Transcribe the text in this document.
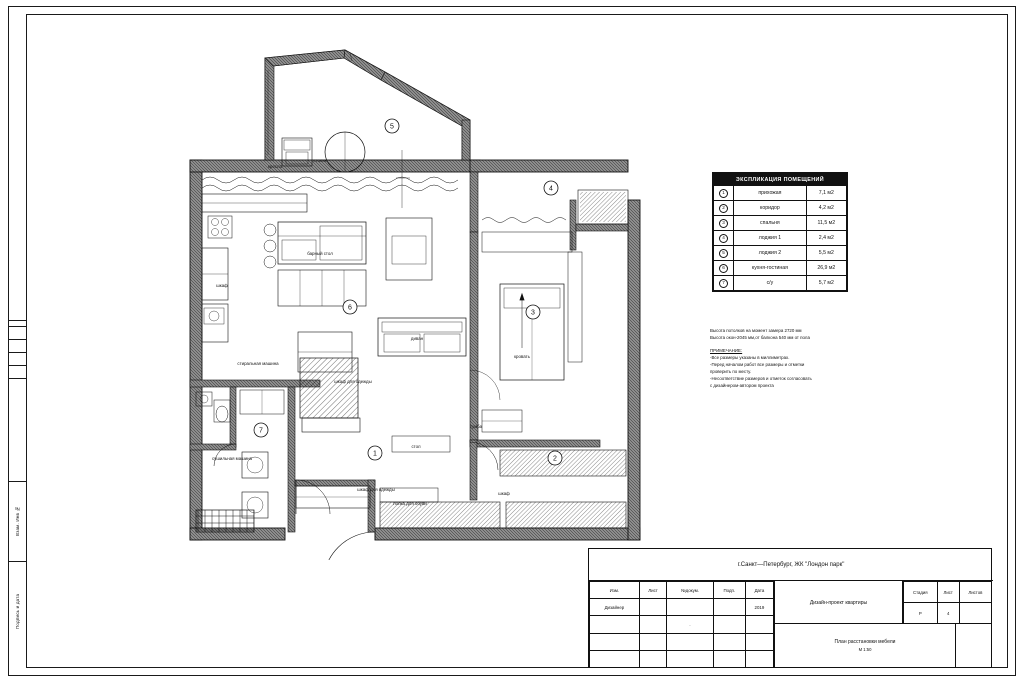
Взам. Инв №
Подпись и дата
1
2
3
4
5
6
7
барный стол
шкаф
диван
шкаф для одежды
стиральная машина
сушильная машина
кровать
тумба
стол
шкаф для одежды
шкаф
полка для обуви
столик
кресло
ЭКСПЛИКАЦИЯ ПОМЕЩЕНИЙ		
1	прихожая	7,1 м2
2	коридор	4,2 м2
3	спальня	11,5 м2
4	лоджия 1	2,4 м2
5	лоджия 2	5,5 м2
6	кухня-гостиная	26,9 м2
7	с/у	5,7 м2
Высота потолков на момент замера 2720 мм
Высота окон-2045 мм,от балкона 540 мм от пола
ПРИМЕЧАНИЕ:
-Все размеры указаны в миллиметрах.
-Перед началом работ все размеры и отметки
проверить по месту.
-Несоответствие размеров и отметок согласовать
с дизайнером-автором проекта
г.Санкт—Петербург, ЖК "Лондон парк"
Изм.	Лист	№докум.	Подп.	Дата
Дизайнер				2019
		.		

Дизайн-проект квартиры
Стадия	Лист	Листов
Р	4	
План расстановки мебели
М 1:50
